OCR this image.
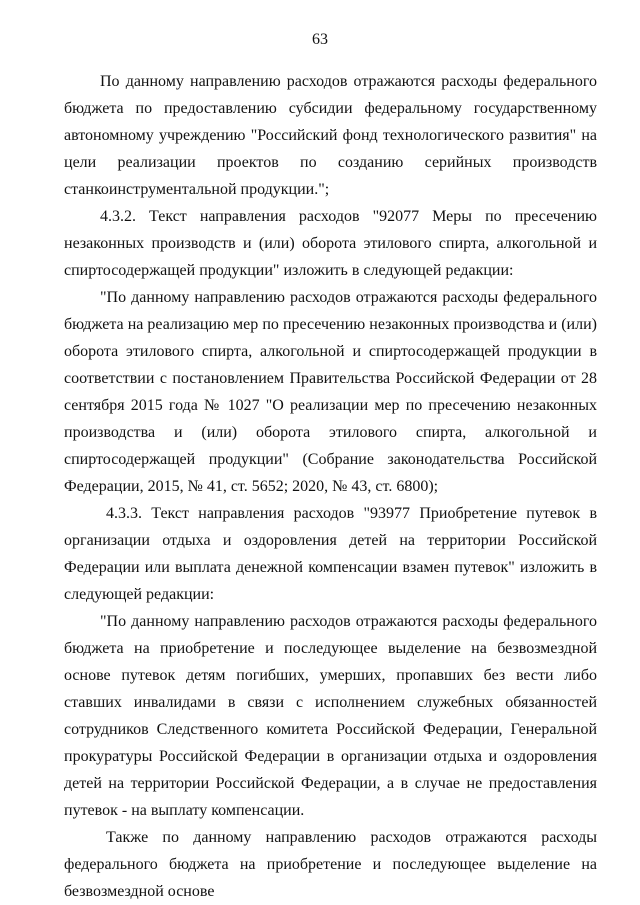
63

По данному направлению расходов отражаются расходы федерального бюджета по предоставлению субсидии федеральному государственному автономному учреждению "Российский фонд технологического развития" на цели реализации проектов по созданию серийных производств станкоинструментальной продукции.";

4.3.2. Текст направления расходов "92077 Меры по пресечению незаконных производств и (или) оборота этилового спирта, алкогольной и спиртосодержащей продукции" изложить в следующей редакции:

"По данному направлению расходов отражаются расходы федерального бюджета на реализацию мер по пресечению незаконных производства и (или) оборота этилового спирта, алкогольной и спиртосодержащей продукции в соответствии с постановлением Правительства Российской Федерации от 28 сентября 2015 года № 1027 "О реализации мер по пресечению незаконных производства и (или) оборота этилового спирта, алкогольной и спиртосодержащей продукции" (Собрание законодательства Российской Федерации, 2015, № 41, ст. 5652; 2020, № 43, ст. 6800);

4.3.3. Текст направления расходов "93977 Приобретение путевок в организации отдыха и оздоровления детей на территории Российской Федерации или выплата денежной компенсации взамен путевок" изложить в следующей редакции:

"По данному направлению расходов отражаются расходы федерального бюджета на приобретение и последующее выделение на безвозмездной основе путевок детям погибших, умерших, пропавших без вести либо ставших инвалидами в связи с исполнением служебных обязанностей сотрудников Следственного комитета Российской Федерации, Генеральной прокуратуры Российской Федерации в организации отдыха и оздоровления детей на территории Российской Федерации, а в случае не предоставления путевок - на выплату компенсации.

Также по данному направлению расходов отражаются расходы федерального бюджета на приобретение и последующее выделение на безвозмездной основе
